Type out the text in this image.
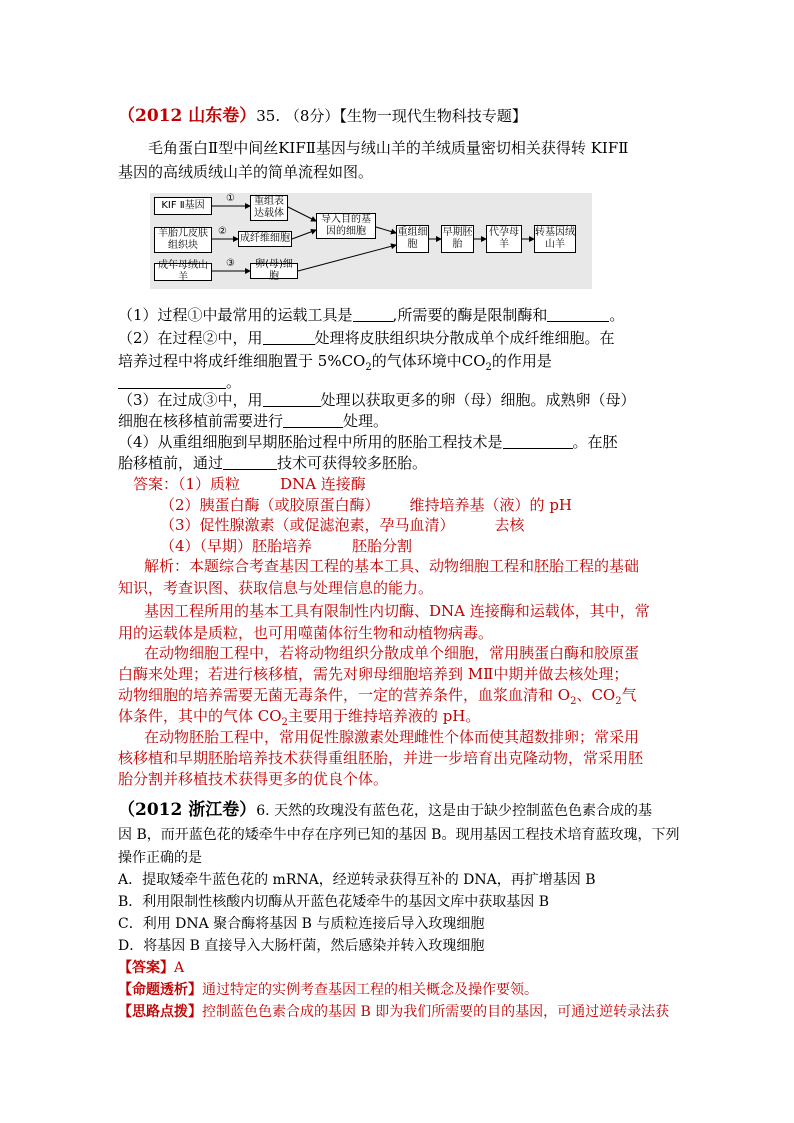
（2012 山东卷）35. （8分）【生物一现代生物科技专题】
毛角蛋白Ⅱ型中间丝KIFⅡ基因与绒山羊的羊绒质量密切相关获得转 KIFⅡ
基因的高绒质绒山羊的简单流程如图。
KIF Ⅱ基因
羊胎儿皮肤组织块
成年母绒山羊
重组表达载体
成纤维细胞
卵(母)细胞
导入目的基因的细胞	重组细胞
早期胚胎
代孕母羊
转基因绒山羊
①
②
③
（1）过程①中最常用的运载工具是	,所需要的酶是限制酶和	。
（2）在过程②中，用	处理将皮肤组织块分散成单个成纤维细胞。在
培养过程中将成纤维细胞置于 $5\%CO_2$的气体环境中$CO_2$的作用是
。
（3）在过成③中，用	处理以获取更多的卵（母）细胞。成熟卵（母）
细胞在核移植前需要进行	处理。
（4）从重组细胞到早期胚胎过程中所用的胚胎工程技术是	。在胚
胎移植前，通过	技术可获得较多胚胎。
答案：（1）质粒	DNA 连接酶
（2）胰蛋白酶（或胶原蛋白酶） 维持培养基（液）的 pH
（3）促性腺激素（或促滤泡素，孕马血清）	去核
（4）（早期）胚胎培养	胚胎分割
解析：本题综合考查基因工程的基本工具、动物细胞工程和胚胎工程的基础
知识，考查识图、获取信息与处理信息的能力。
基因工程所用的基本工具有限制性内切酶、DNA 连接酶和运载体，其中，常
用的运载体是质粒，也可用噬菌体衍生物和动植物病毒。
在动物细胞工程中，若将动物组织分散成单个细胞，常用胰蛋白酶和胶原蛋
白酶来处理；若进行核移植，需先对卵母细胞培养到 MⅡ中期并做去核处理；
动物细胞的培养需要无菌无毒条件，一定的营养条件，血浆血清和 $O_2$、$CO_2$气
体条件，其中的气体 $CO_2$主要用于维持培养液的 pH。
在动物胚胎工程中，常用促性腺激素处理雌性个体而使其超数排卵；常采用
核移植和早期胚胎培养技术获得重组胚胎，并进一步培育出克隆动物，常采用胚
胎分割并移植技术获得更多的优良个体。
（2012 浙江卷）6. 天然的玫瑰没有蓝色花，这是由于缺少控制蓝色色素合成的基
因 B，而开蓝色花的矮牵牛中存在序列已知的基因 B。现用基因工程技术培育蓝玫瑰，下列
操作正确的是
A．提取矮牵牛蓝色花的 mRNA，经逆转录获得互补的 DNA，再扩增基因 B
B．利用限制性核酸内切酶从开蓝色花矮牵牛的基因文库中获取基因 B
C．利用 DNA 聚合酶将基因 B 与质粒连接后导入玫瑰细胞
D．将基因 B 直接导入大肠杆菌，然后感染并转入玫瑰细胞
【答案】A
【命题透析】通过特定的实例考查基因工程的相关概念及操作要领。
【思路点拨】控制蓝色色素合成的基因 B 即为我们所需要的目的基因，可通过逆转录法获
